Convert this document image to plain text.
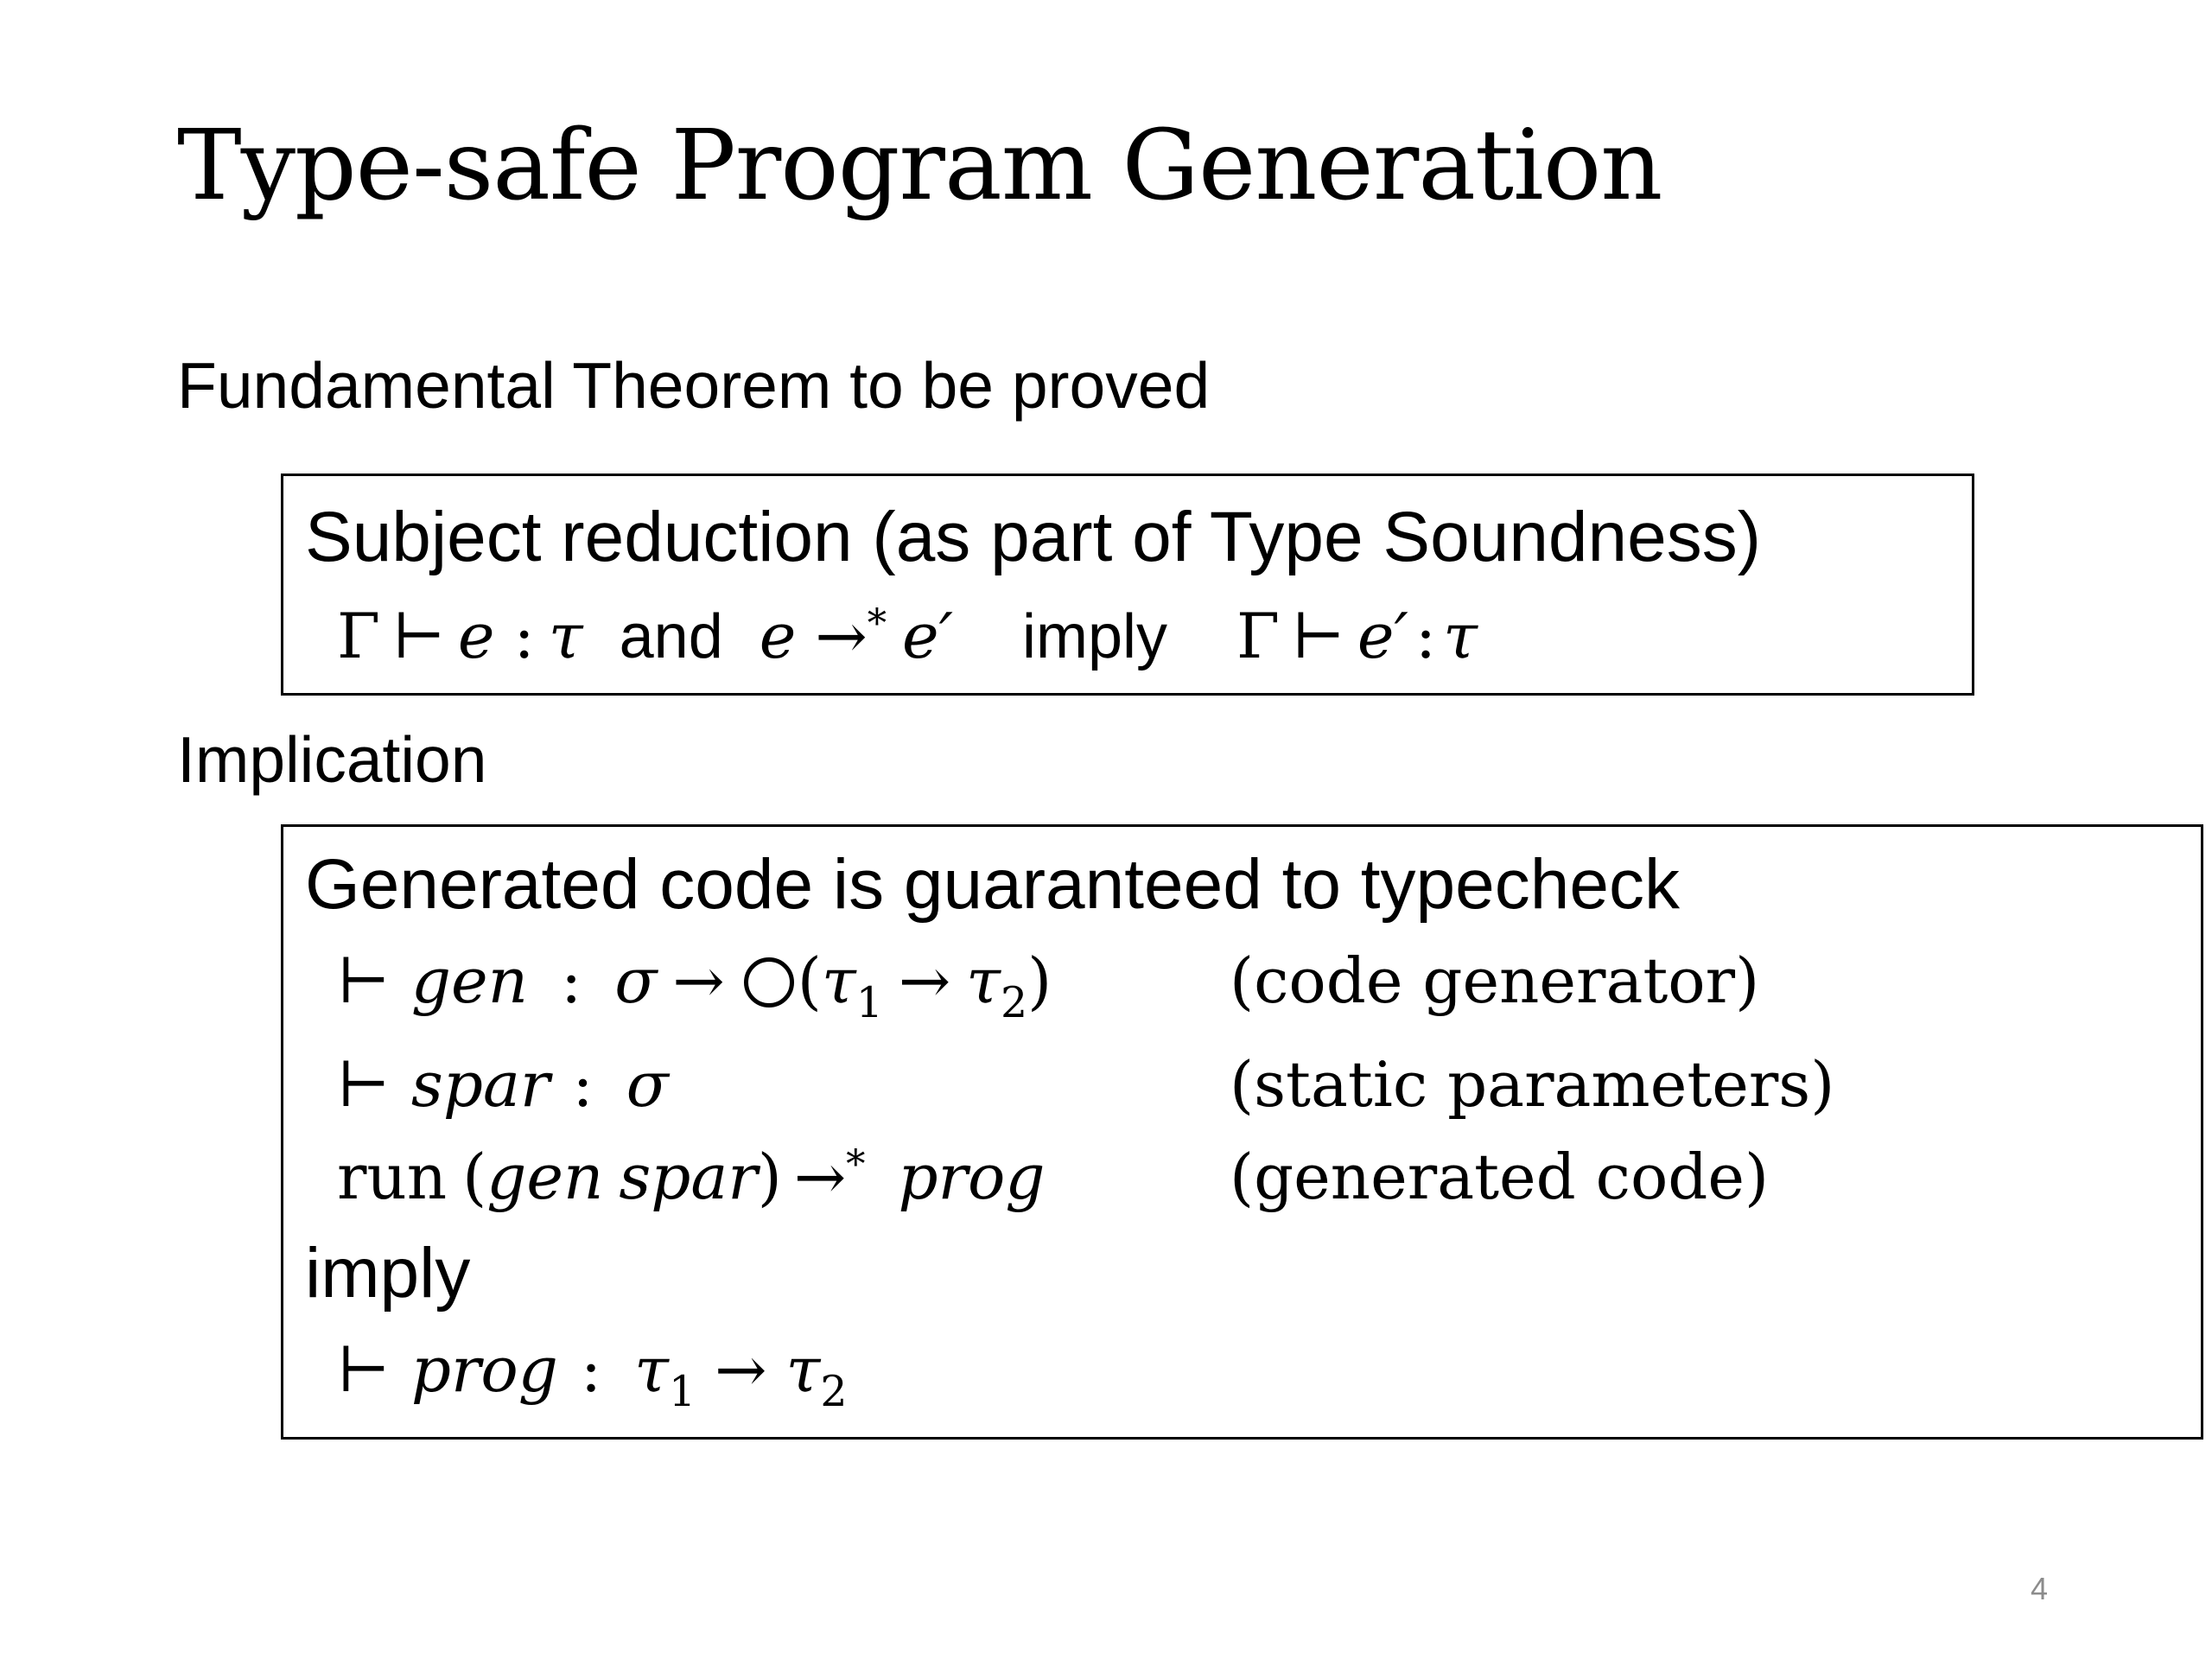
Type-safe Program Generation
Fundamental Theorem to be proved
Subject reduction (as part of Type Soundness)
Γ ⊢ e : τ and e →* e′ imply Γ ⊢ e′ : τ
Implication
Generated code is guaranteed to typecheck
⊢ gen : $\sigma \to (\tau_1 \to \tau_2)$	(code generator)
⊢ spar : σ	(static parameters)
run (gen spar) →* prog	(generated code)
imply
⊢ prog : $\tau_1 \to \tau_2$
4
